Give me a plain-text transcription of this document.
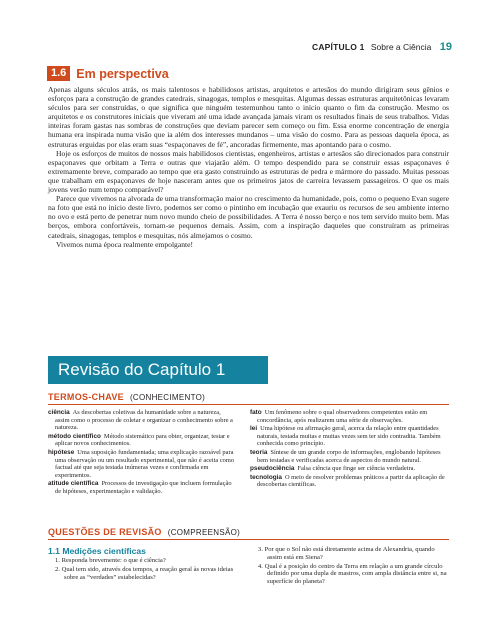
CAPÍTULO 1 Sobre a Ciência 19
1.6 Em perspectiva

Apenas alguns séculos atrás, os mais talentosos e habilidosos artistas, arquitetos e artesãos do mundo dirigiram seus gênios e esforços para a construção de grandes catedrais, sinagogas, templos e mesquitas. Algumas dessas estruturas arquitetônicas levaram séculos para ser construídas, o que significa que ninguém testemunhou tanto o início quanto o fim da construção. Mesmo os arquitetos e os construtores iniciais que viveram até uma idade avançada jamais viram os resultados finais de seus trabalhos. Vidas inteiras foram gastas nas sombras de construções que deviam parecer sem começo ou fim. Essa enorme concentração de energia humana era inspirada numa visão que ia além dos interesses mundanos – uma visão do cosmo. Para as pessoas daquela época, as estruturas erguidas por elas eram suas “espaçonaves de fé”, ancoradas firmemente, mas apontando para o cosmo.

Hoje os esforços de muitos de nossos mais habilidosos cientistas, engenheiros, artistas e artesãos são direcionados para construir espaçonaves que orbitam a Terra e outras que viajarão além. O tempo despendido para se construir essas espaçonaves é extremamente breve, comparado ao tempo que era gasto construindo as estruturas de pedra e mármore do passado. Muitas pessoas que trabalham em espaçonaves de hoje nasceram antes que os primeiros jatos de carreira levassem passageiros. O que os mais jovens verão num tempo comparável?

Parece que vivemos na alvorada de uma transformação maior no crescimento da humanidade, pois, como o pequeno Evan sugere na foto que está no início deste livro, podemos ser como o pintinho em incubação que exauriu os recursos de seu ambiente interno no ovo e está perto de penetrar num novo mundo cheio de possibilidades. A Terra é nosso berço e nos tem servido muito bem. Mas berços, embora confortáveis, tornam-se pequenos demais. Assim, com a inspiração daqueles que construíram as primeiras catedrais, sinagogas, templos e mesquitas, nós almejamos o cosmo.

Vivemos numa época realmente empolgante!

Revisão do Capítulo 1
TERMOS-CHAVE (CONHECIMENTO)

ciência As descobertas coletivas da humanidade sobre a natureza, assim como o processo de coletar e organizar o conhecimento sobre a natureza.

método científico Método sistemático para obter, organizar, testar e aplicar novos conhecimentos.

hipótese Uma suposição fundamentada; uma explicação razoável para uma observação ou um resultado experimental, que não é aceita como factual até que seja testada inúmeras vezes e confirmada em experimentos.

atitude científica Processos de investigação que incluem formulação de hipóteses, experimentação e validação.

fato Um fenômeno sobre o qual observadores competentes estão em concordância, após realizarem uma série de observações.

lei Uma hipótese ou afirmação geral, acerca da relação entre quantidades naturais, testada muitas e muitas vezes sem ter sido contradita. Também conhecida como princípio.

teoria Síntese de um grande corpo de informações, englobando hipóteses bem testadas e verificadas acerca de aspectos do mundo natural.

pseudociência Falsa ciência que finge ser ciência verdadeira.

tecnologia O meio de resolver problemas práticos a partir da aplicação de descobertas científicas.

QUESTÕES DE REVISÃO (COMPREENSÃO)
1.1 Medições científicas
1. Responda brevemente: o que é ciência?
2. Qual tem sido, através dos tempos, a reação geral às novas ideias sobre as “verdades” estabelecidas?
3. Por que o Sol não está diretamente acima de Alexandria, quando assim está em Siena?
4. Qual é a posição do centro da Terra em relação a um grande círculo definido por uma dupla de mastros, com ampla distância entre si, na superfície do planeta?
